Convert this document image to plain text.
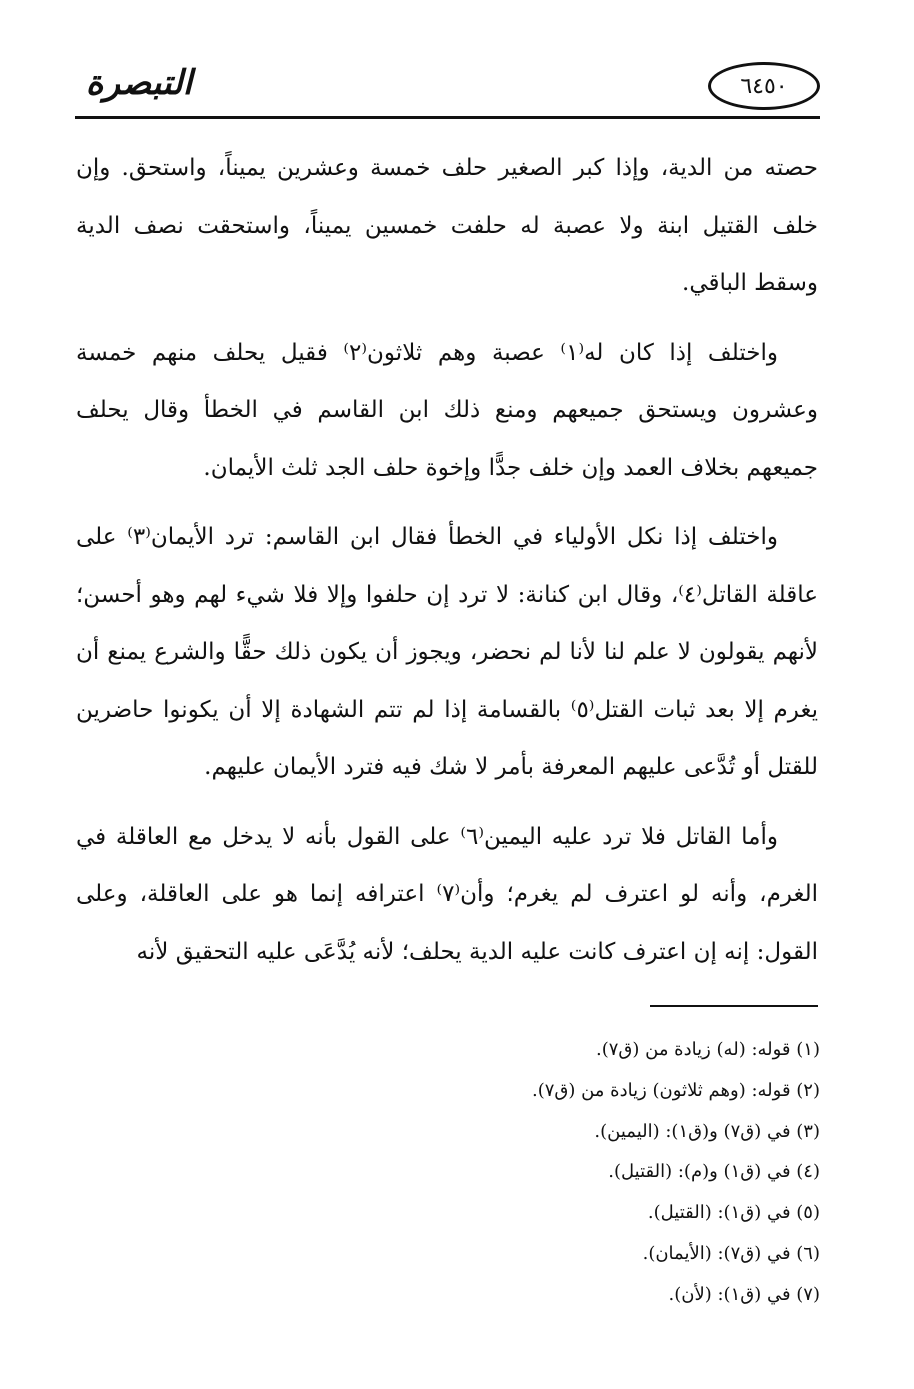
التبصرة	٦٤٥٠

حصته من الدية، وإذا كبر الصغير حلف خمسة وعشرين يميناً، واستحق. وإن خلف القتيل ابنة ولا عصبة له حلفت خمسين يميناً، واستحقت نصف الدية وسقط الباقي.

واختلف إذا كان له⁽١⁾ عصبة وهم ثلاثون⁽٢⁾ فقيل يحلف منهم خمسة وعشرون ويستحق جميعهم ومنع ذلك ابن القاسم في الخطأ وقال يحلف جميعهم بخلاف العمد وإن خلف جدًّا وإخوة حلف الجد ثلث الأيمان.

واختلف إذا نكل الأولياء في الخطأ فقال ابن القاسم: ترد الأيمان⁽٣⁾ على عاقلة القاتل⁽٤⁾، وقال ابن كنانة: لا ترد إن حلفوا وإلا فلا شيء لهم وهو أحسن؛ لأنهم يقولون لا علم لنا لأنا لم نحضر، ويجوز أن يكون ذلك حقًّا والشرع يمنع أن يغرم إلا بعد ثبات القتل⁽٥⁾ بالقسامة إذا لم تتم الشهادة إلا أن يكونوا حاضرين للقتل أو تُدَّعى عليهم المعرفة بأمر لا شك فيه فترد الأيمان عليهم.

وأما القاتل فلا ترد عليه اليمين⁽٦⁾ على القول بأنه لا يدخل مع العاقلة في الغرم، وأنه لو اعترف لم يغرم؛ وأن⁽٧⁾ اعترافه إنما هو على العاقلة، وعلى القول: إنه إن اعترف كانت عليه الدية يحلف؛ لأنه يُدَّعَى عليه التحقيق لأنه

(١) قوله: (له) زيادة من (ق٧).

(٢) قوله: (وهم ثلاثون) زيادة من (ق٧).

(٣) في (ق٧) و(ق١): (اليمين).

(٤) في (ق١) و(م): (القتيل).

(٥) في (ق١): (القتيل).

(٦) في (ق٧): (الأيمان).

(٧) في (ق١): (لأن).
